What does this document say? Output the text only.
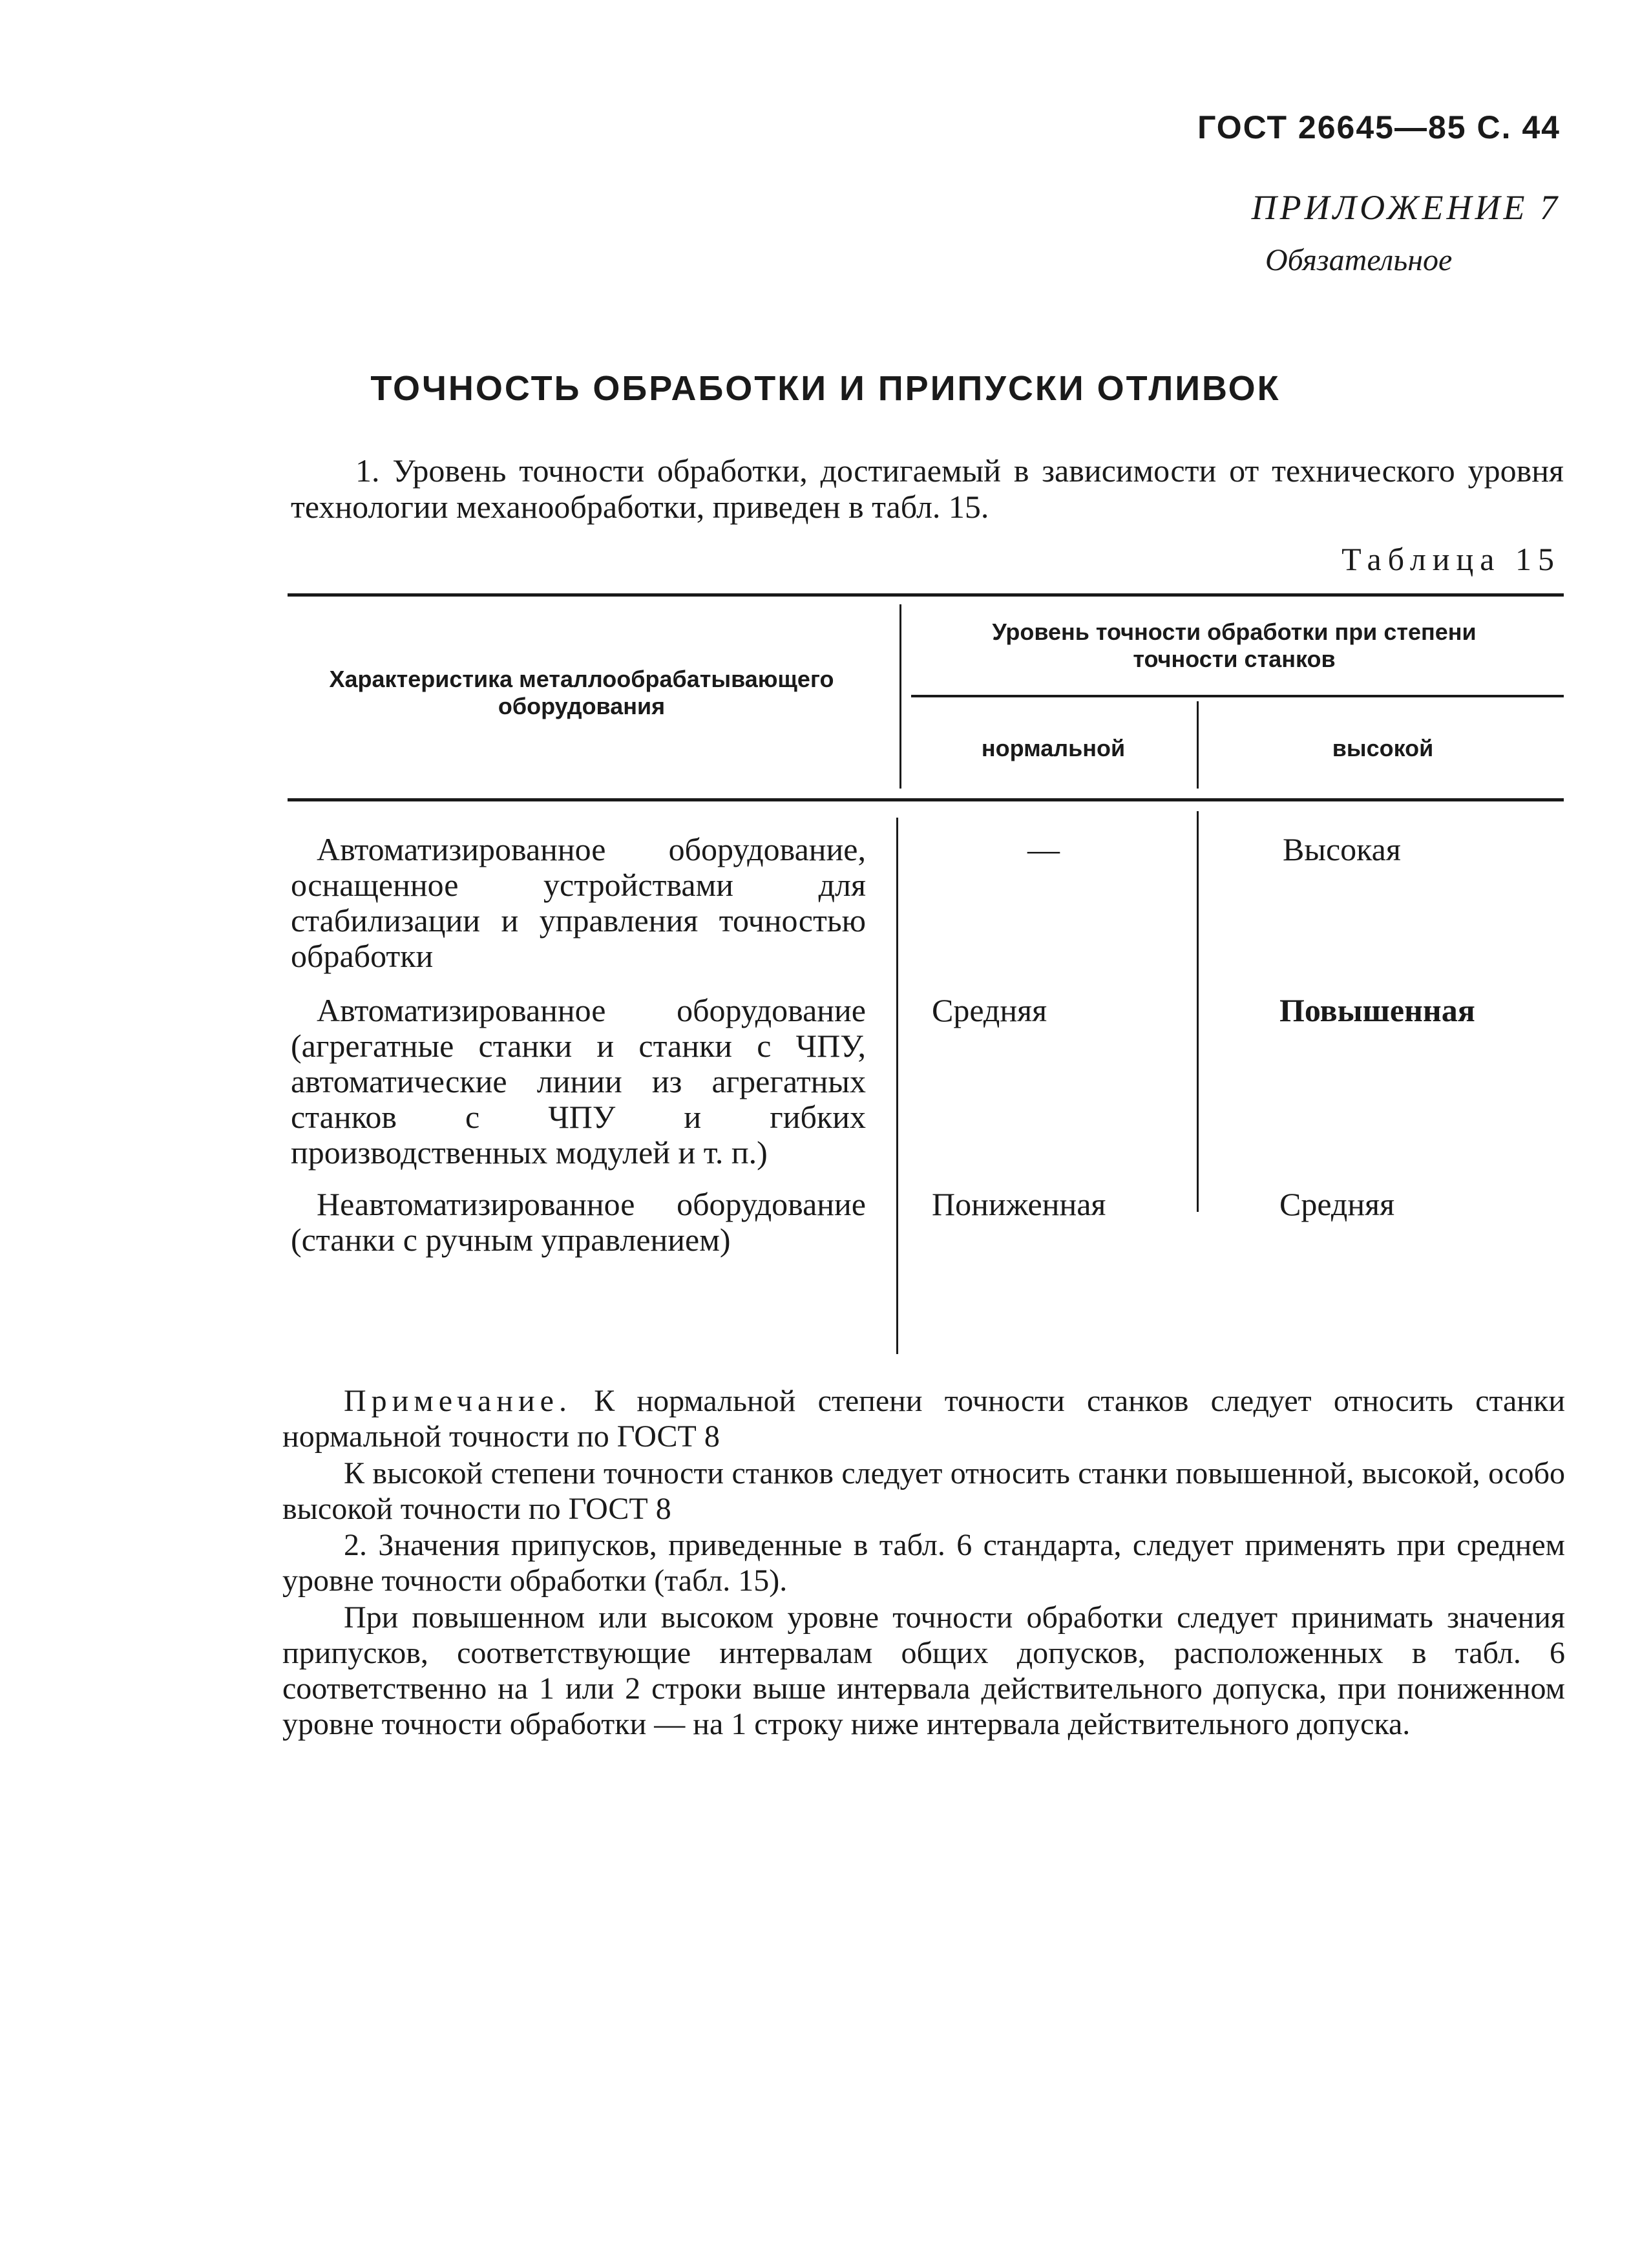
ГОСТ 26645—85 С. 44
ПРИЛОЖЕНИЕ 7
Обязательное
ТОЧНОСТЬ ОБРАБОТКИ И ПРИПУСКИ ОТЛИВОК
1. Уровень точности обработки, достигаемый в зависимости от технического уровня технологии механообработки, приведен в табл. 15.
Таблица 15
Характеристика металлообрабатывающего оборудования
Уровень точности обработки при степени точности станков
нормальной	высокой
Автоматизированное оборудование, оснащенное устройствами для стабилизации и управления точностью обработки
—	Высокая
Автоматизированное оборудование (агрегатные станки и станки с ЧПУ, автоматические линии из агрегатных станков с ЧПУ и гибких производственных модулей и т. п.)
Средняя	Повышенная
Неавтоматизированное оборудование (станки с ручным управлением)
Пониженная	Средняя
Примечание. К нормальной степени точности станков следует относить станки нормальной точности по ГОСТ 8
К высокой степени точности станков следует относить станки повышенной, высокой, особо высокой точности по ГОСТ 8
2. Значения припусков, приведенные в табл. 6 стандарта, следует применять при среднем уровне точности обработки (табл. 15).
При повышенном или высоком уровне точности обработки следует принимать значения припусков, соответствующие интервалам общих допусков, расположенных в табл. 6 соответственно на 1 или 2 строки выше интервала действительного допуска, при пониженном уровне точности обработки — на 1 строку ниже интервала действительного допуска.
